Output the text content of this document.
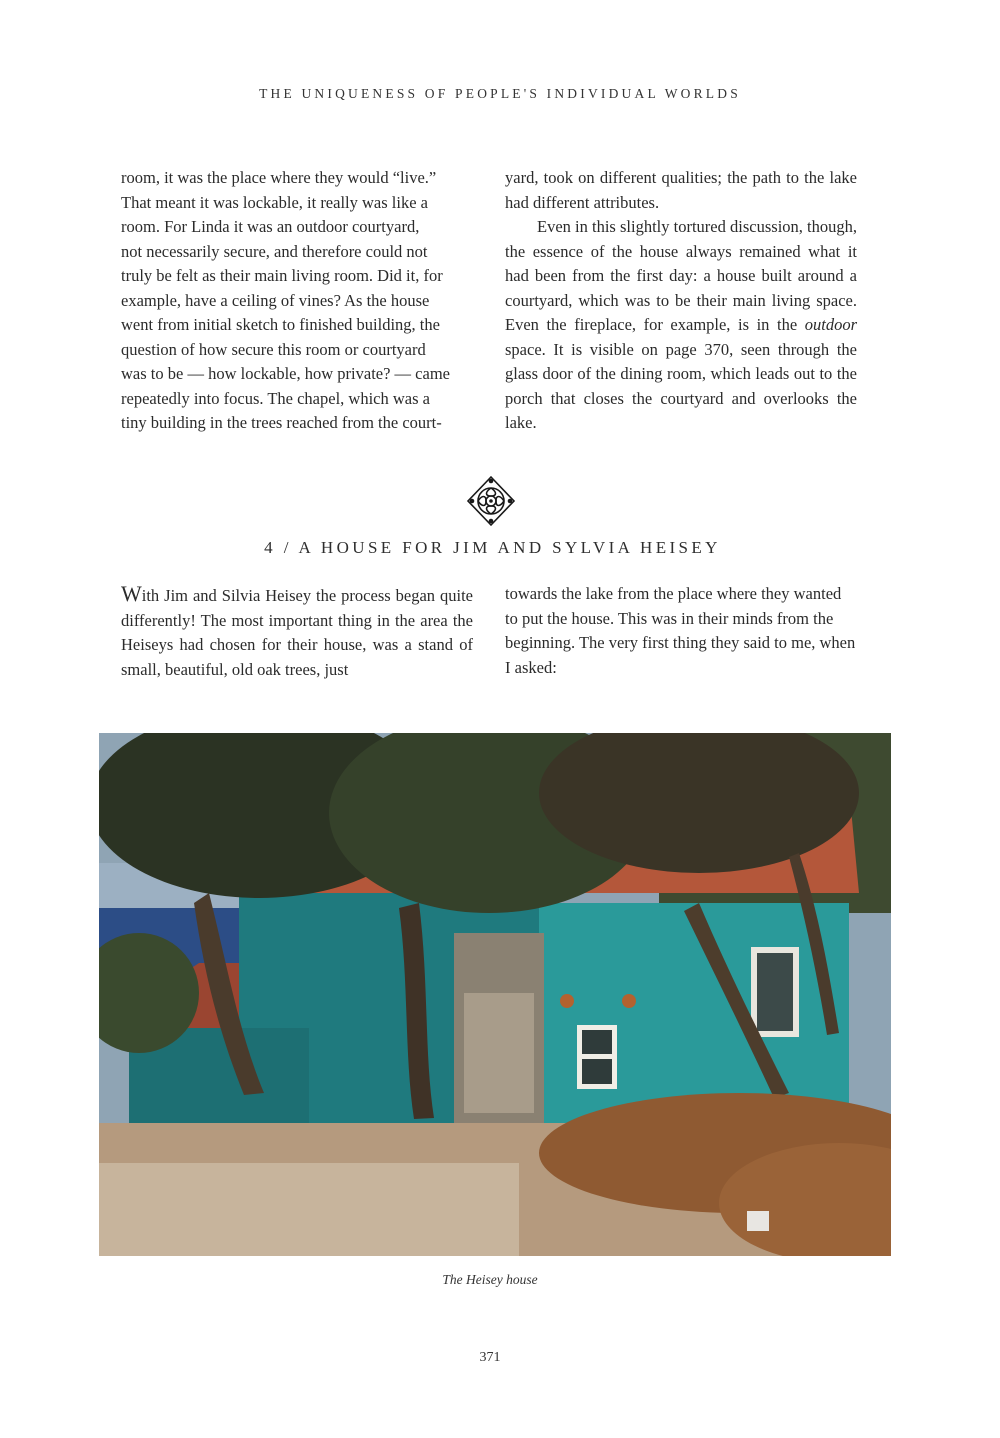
THE UNIQUENESS OF PEOPLE'S INDIVIDUAL WORLDS

room, it was the place where they would “live.”
That meant it was lockable, it really was like a
room. For Linda it was an outdoor courtyard,
not necessarily secure, and therefore could not
truly be felt as their main living room. Did it, for
example, have a ceiling of vines? As the house
went from initial sketch to finished building, the
question of how secure this room or courtyard
was to be — how lockable, how private? — came
repeatedly into focus. The chapel, which was a
tiny building in the trees reached from the court-

yard, took on different qualities; the path to the lake had different attributes.

Even in this slightly tortured discussion, though, the essence of the house always remained what it had been from the first day: a house built around a courtyard, which was to be their main living space. Even the fireplace, for example, is in the outdoor space. It is visible on page 370, seen through the glass door of the dining room, which leads out to the porch that closes the courtyard and overlooks the lake.

4 / A HOUSE FOR JIM AND SYLVIA HEISEY

With Jim and Silvia Heisey the process began quite differently! The most important thing in the area the Heiseys had chosen for their house, was a stand of small, beautiful, old oak trees, just

towards the lake from the place where they wanted to put the house. This was in their minds from the beginning. The very first thing they said to me, when I asked:

The Heisey house
371
